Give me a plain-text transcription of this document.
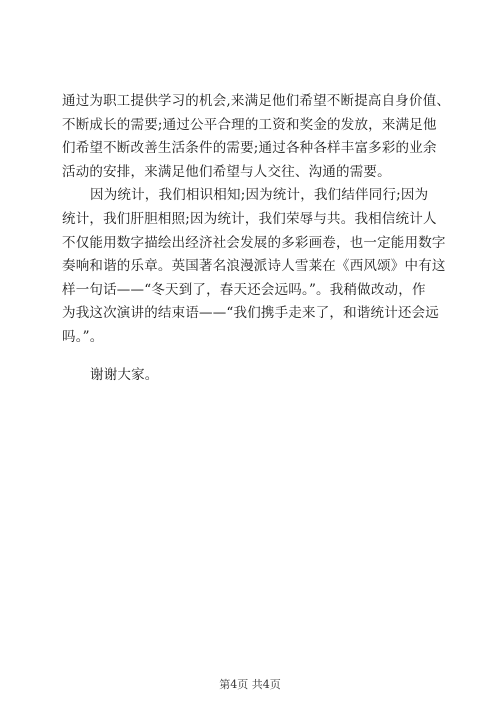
通过为职工提供学习的机会,来满足他们希望不断提高自身价值、
不断成长的需要;通过公平合理的工资和奖金的发放，来满足他
们希望不断改善生活条件的需要;通过各种各样丰富多彩的业余
活动的安排，来满足他们希望与人交往、沟通的需要。
因为统计，我们相识相知;因为统计，我们结伴同行;因为
统计，我们肝胆相照;因为统计，我们荣辱与共。我相信统计人
不仅能用数字描绘出经济社会发展的多彩画卷，也一定能用数字
奏响和谐的乐章。英国著名浪漫派诗人雪莱在《西风颂》中有这
样一句话——“冬天到了，春天还会远吗。”。我稍做改动，作
为我这次演讲的结束语——“我们携手走来了，和谐统计还会远
吗。”。
谢谢大家。
第4页 共4页
